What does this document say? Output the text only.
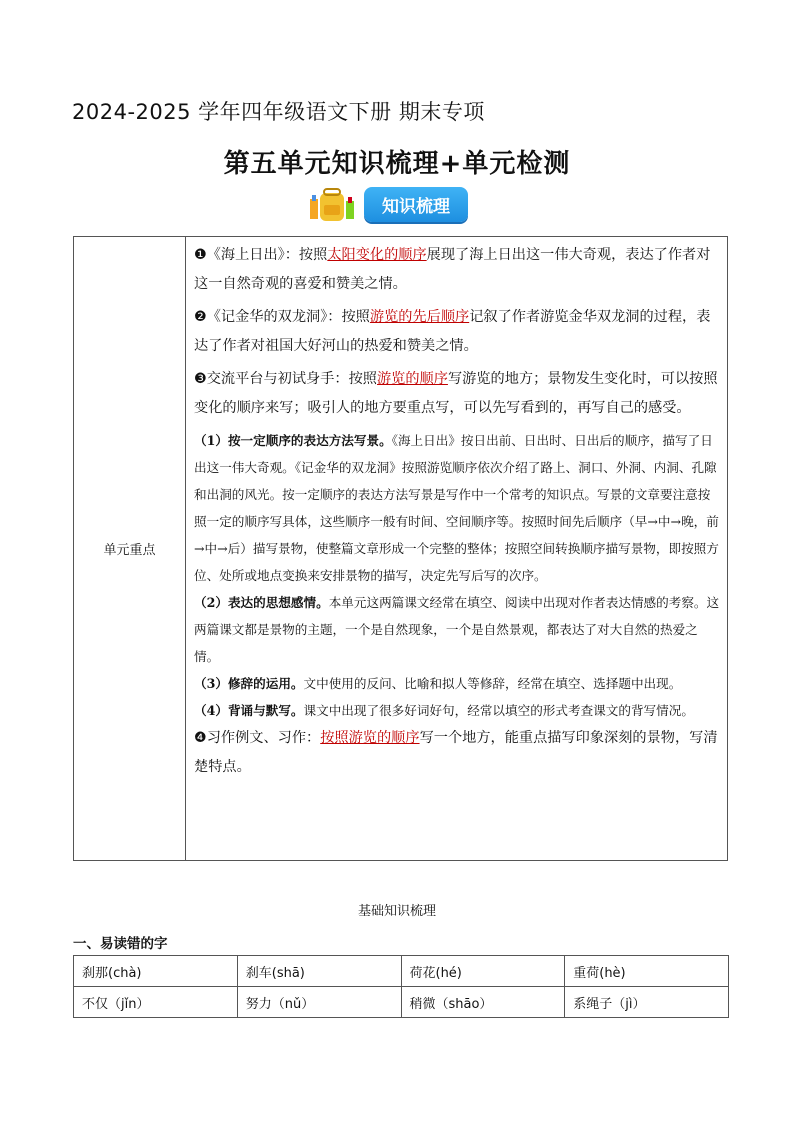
2024-2025 学年四年级语文下册 期末专项
第五单元知识梳理+单元检测
知识梳理
单元重点

❶《海上日出》：按照太阳变化的顺序展现了海上日出这一伟大奇观，表达了作者对这一自然奇观的喜爱和赞美之情。

❷《记金华的双龙洞》：按照游览的先后顺序记叙了作者游览金华双龙洞的过程，表达了作者对祖国大好河山的热爱和赞美之情。

❸交流平台与初试身手：按照游览的顺序写游览的地方；景物发生变化时，可以按照变化的顺序来写；吸引人的地方要重点写，可以先写看到的，再写自己的感受。

（1）按一定顺序的表达方法写景。《海上日出》按日出前、日出时、日出后的顺序，描写了日出这一伟大奇观。《记金华的双龙洞》按照游览顺序依次介绍了路上、洞口、外洞、内洞、孔隙和出洞的风光。按一定顺序的表达方法写景是写作中一个常考的知识点。写景的文章要注意按照一定的顺序写具体，这些顺序一般有时间、空间顺序等。按照时间先后顺序（早→中→晚，前→中→后）描写景物，使整篇文章形成一个完整的整体；按照空间转换顺序描写景物，即按照方位、处所或地点变换来安排景物的描写，决定先写后写的次序。

（2）表达的思想感情。本单元这两篇课文经常在填空、阅读中出现对作者表达情感的考察。这两篇课文都是景物的主题，一个是自然现象，一个是自然景观，都表达了对大自然的热爱之情。

（3）修辞的运用。文中使用的反问、比喻和拟人等修辞，经常在填空、选择题中出现。

（4）背诵与默写。课文中出现了很多好词好句，经常以填空的形式考查课文的背写情况。

❹习作例文、习作：按照游览的顺序写一个地方，能重点描写印象深刻的景物，写清楚特点。

基础知识梳理
一、易读错的字
刹那(chà)	刹车(shā)	荷花(hé)	重荷(hè)
不仅（jǐn）	努力（nǔ）	稍微（shāo）	系绳子（jì）
